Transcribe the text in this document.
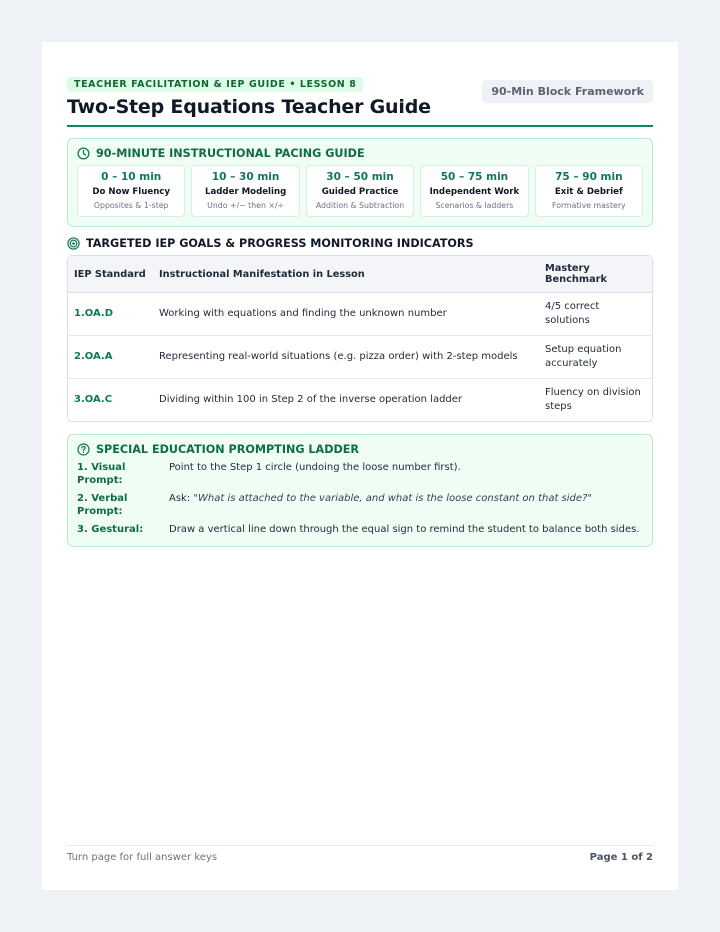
TEACHER FACILITATION & IEP GUIDE • LESSON 8
Two-Step Equations Teacher Guide
90-Min Block Framework
90-MINUTE INSTRUCTIONAL PACING GUIDE
0 – 10 min
Do Now Fluency
Opposites & 1-step
10 – 30 min
Ladder Modeling
Undo +/− then ×/÷
30 – 50 min
Guided Practice
Addition & Subtraction
50 – 75 min
Independent Work
Scenarios & ladders
75 – 90 min
Exit & Debrief
Formative mastery
TARGETED IEP GOALS & PROGRESS MONITORING INDICATORS
IEP Standard	Instructional Manifestation in Lesson	Mastery Benchmark
1.OA.D	Working with equations and finding the unknown number	4/5 correct solutions
2.OA.A	Representing real-world situations (e.g. pizza order) with 2-step models	Setup equation accurately
3.OA.C	Dividing within 100 in Step 2 of the inverse operation ladder	Fluency on division steps
SPECIAL EDUCATION PROMPTING LADDER
1. Visual Prompt:
Point to the Step 1 circle (undoing the loose number first).
2. Verbal Prompt:
Ask: "What is attached to the variable, and what is the loose constant on that side?"
3. Gestural:	Draw a vertical line down through the equal sign to remind the student to balance both sides.
Turn page for full answer keys	Page 1 of 2
